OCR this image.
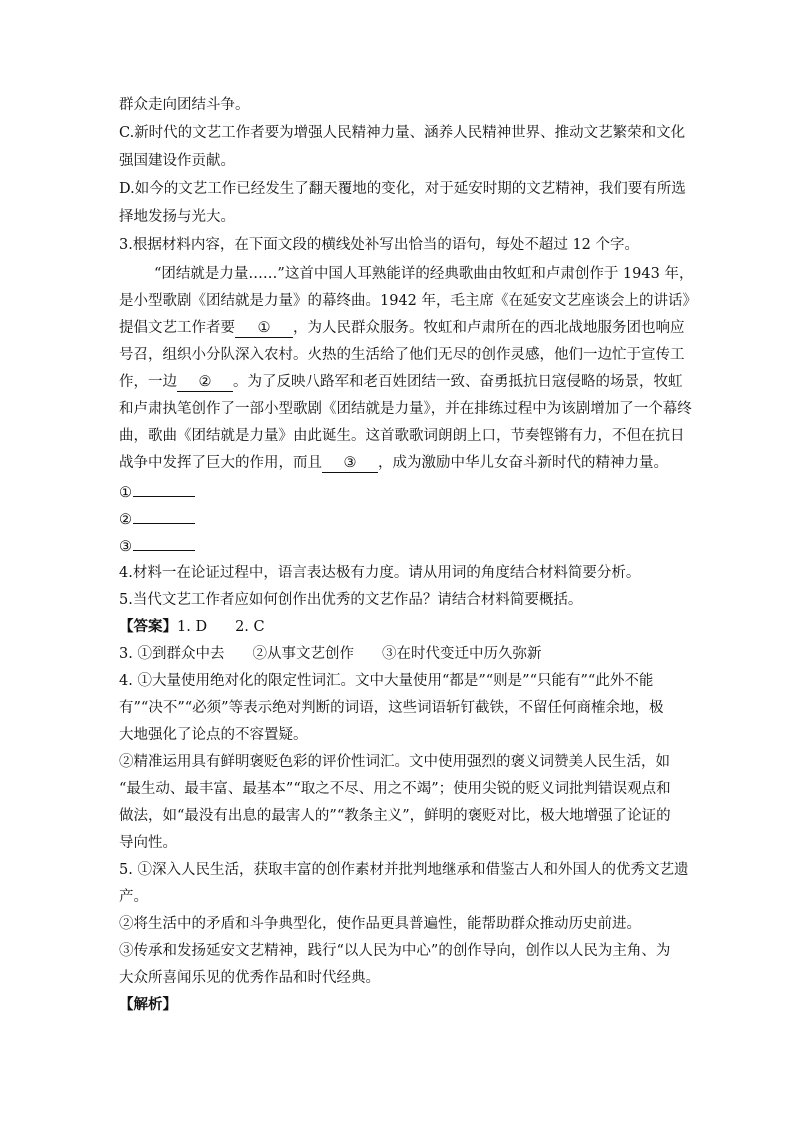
群众走向团结斗争。
C.新时代的文艺工作者要为增强人民精神力量、涵养人民精神世界、推动文艺繁荣和文化
强国建设作贡献。
D.如今的文艺工作已经发生了翻天覆地的变化，对于延安时期的文艺精神，我们要有所选
择地发扬与光大。
3.根据材料内容，在下面文段的横线处补写出恰当的语句，每处不超过 12 个字。
“团结就是力量……”这首中国人耳熟能详的经典歌曲由牧虹和卢肃创作于 1943 年，
是小型歌剧《团结就是力量》的幕终曲。1942 年，毛主席《在延安文艺座谈会上的讲话》
提倡文艺工作者要 ① ，为人民群众服务。牧虹和卢肃所在的西北战地服务团也响应
号召，组织小分队深入农村。火热的生活给了他们无尽的创作灵感，他们一边忙于宣传工
作，一边 ② 。为了反映八路军和老百姓团结一致、奋勇抵抗日寇侵略的场景，牧虹
和卢肃执笔创作了一部小型歌剧《团结就是力量》，并在排练过程中为该剧增加了一个幕终
曲，歌曲《团结就是力量》由此诞生。这首歌歌词朗朗上口，节奏铿锵有力，不但在抗日
战争中发挥了巨大的作用，而且 ③ ，成为激励中华儿女奋斗新时代的精神力量。
①
②
③
4.材料一在论证过程中，语言表达极有力度。请从用词的角度结合材料简要分析。
5.当代文艺工作者应如何创作出优秀的文艺作品？请结合材料简要概括。
【答案】1. D 2. C
3. ①到群众中去 ②从事文艺创作 ③在时代变迁中历久弥新
4. ①大量使用绝对化的限定性词汇。文中大量使用“都是”“则是”“只能有”“此外不能
有”“决不”“必须”等表示绝对判断的词语，这些词语斩钉截铁，不留任何商榷余地，极
大地强化了论点的不容置疑。
②精准运用具有鲜明褒贬色彩的评价性词汇。文中使用强烈的褒义词赞美人民生活，如
“最生动、最丰富、最基本”“取之不尽、用之不竭”；使用尖锐的贬义词批判错误观点和
做法，如“最没有出息的最害人的”“教条主义”，鲜明的褒贬对比，极大地增强了论证的
导向性。
5. ①深入人民生活，获取丰富的创作素材并批判地继承和借鉴古人和外国人的优秀文艺遗
产。
②将生活中的矛盾和斗争典型化，使作品更具普遍性，能帮助群众推动历史前进。
③传承和发扬延安文艺精神，践行“以人民为中心”的创作导向，创作以人民为主角、为
大众所喜闻乐见的优秀作品和时代经典。
【解析】
